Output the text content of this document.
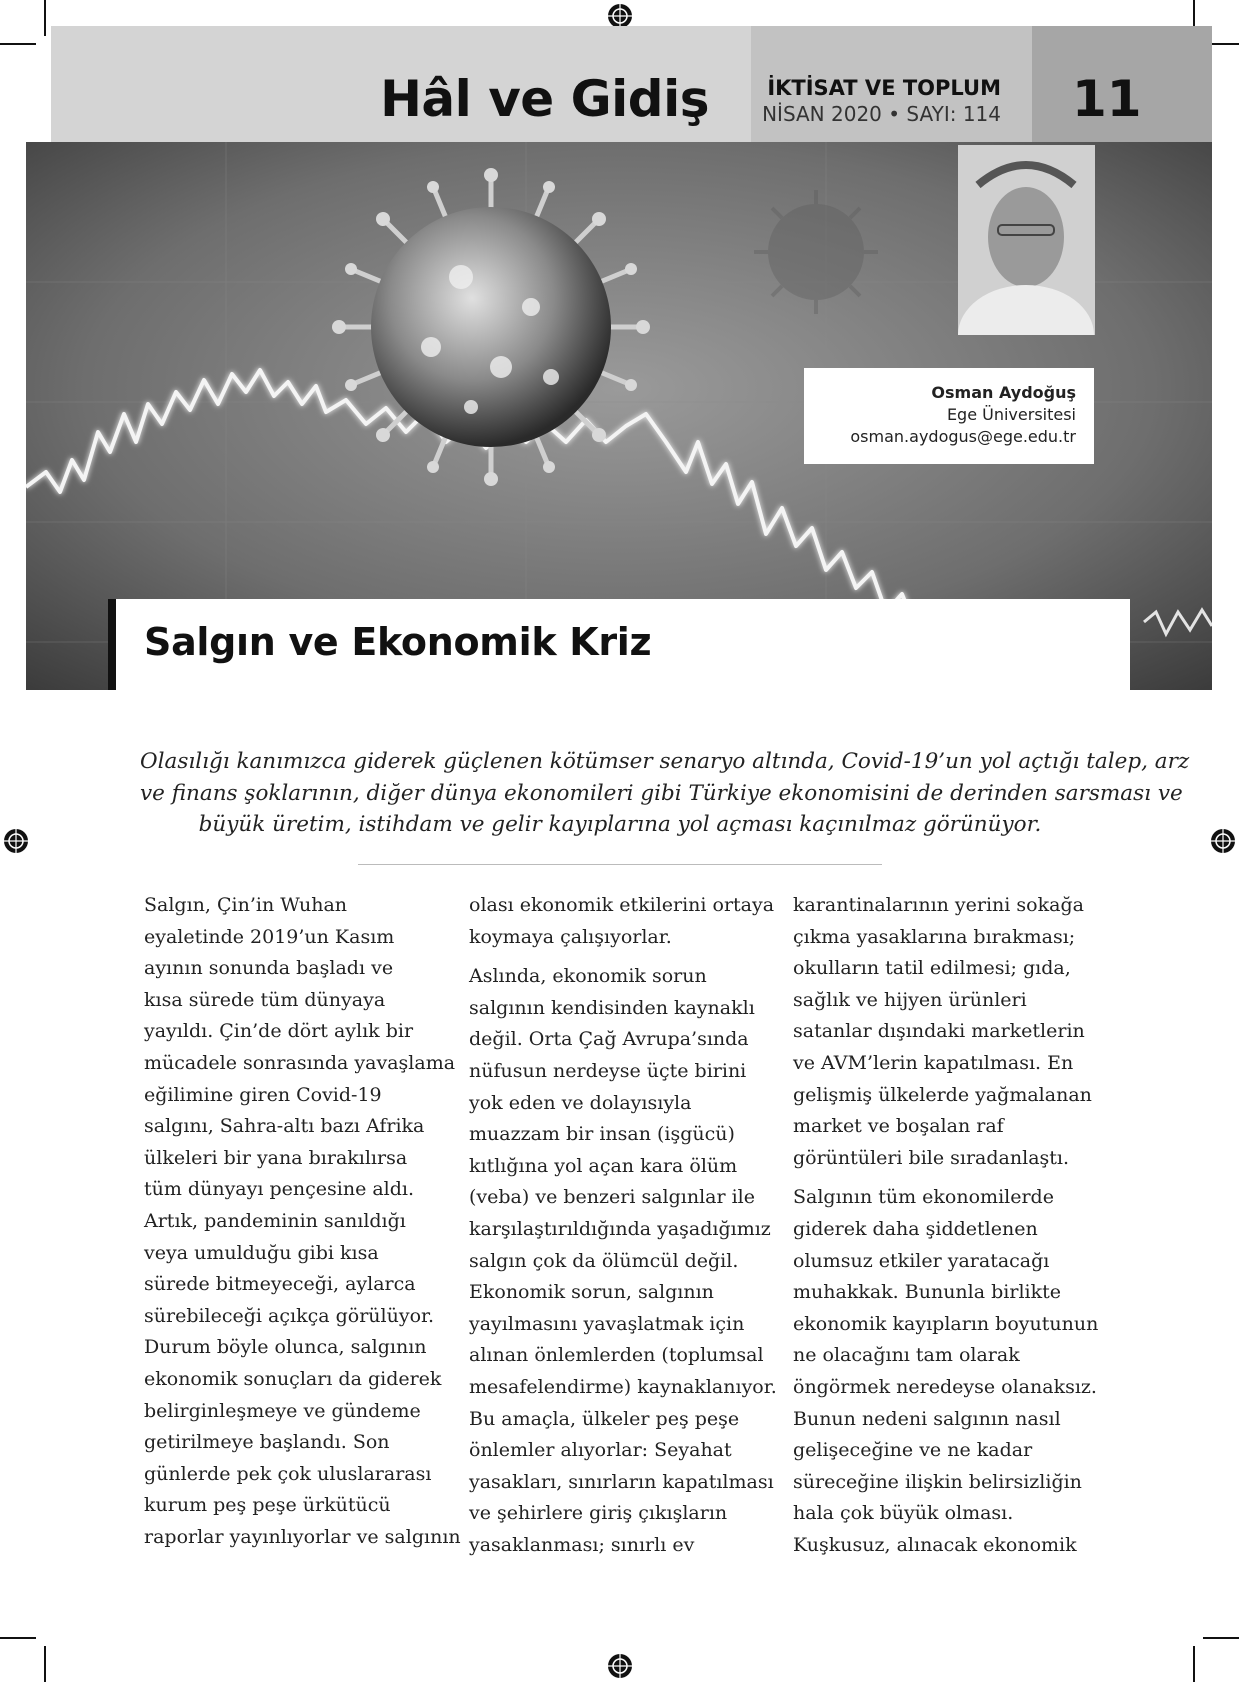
Hâl ve Gidiş	İKTİSAT VE TOPLUM
NİSAN 2020 • SAYI: 114 11
Osman Aydoğuş
Ege Üniversitesi
osman.aydogus@ege.edu.tr
Salgın ve Ekonomik Kriz
Olasılığı kanımızca giderek güçlenen kötümser senaryo altında, Covid-19’un yol açtığı talep, arz
ve finans şoklarının, diğer dünya ekonomileri gibi Türkiye ekonomisini de derinden sarsması ve
büyük üretim, istihdam ve gelir kayıplarına yol açması kaçınılmaz görünüyor.

Salgın, Çin’in Wuhan
eyaletinde 2019’un Kasım
ayının sonunda başladı ve
kısa sürede tüm dünyaya
yayıldı. Çin’de dört aylık bir
mücadele sonrasında yavaşlama
eğilimine giren Covid-19
salgını, Sahra-altı bazı Afrika
ülkeleri bir yana bırakılırsa
tüm dünyayı pençesine aldı.
Artık, pandeminin sanıldığı
veya umulduğu gibi kısa
sürede bitmeyeceği, aylarca
sürebileceği açıkça görülüyor.
Durum böyle olunca, salgının
ekonomik sonuçları da giderek
belirginleşmeye ve gündeme
getirilmeye başlandı. Son
günlerde pek çok uluslararası
kurum peş peşe ürkütücü
raporlar yayınlıyorlar ve salgının

olası ekonomik etkilerini ortaya
koymaya çalışıyorlar.

Aslında, ekonomik sorun
salgının kendisinden kaynaklı
değil. Orta Çağ Avrupa’sında
nüfusun nerdeyse üçte birini
yok eden ve dolayısıyla
muazzam bir insan (işgücü)
kıtlığına yol açan kara ölüm
(veba) ve benzeri salgınlar ile
karşılaştırıldığında yaşadığımız
salgın çok da ölümcül değil.
Ekonomik sorun, salgının
yayılmasını yavaşlatmak için
alınan önlemlerden (toplumsal
mesafelendirme) kaynaklanıyor.
Bu amaçla, ülkeler peş peşe
önlemler alıyorlar: Seyahat
yasakları, sınırların kapatılması
ve şehirlere giriş çıkışların
yasaklanması; sınırlı ev

karantinalarının yerini sokağa
çıkma yasaklarına bırakması;
okulların tatil edilmesi; gıda,
sağlık ve hijyen ürünleri
satanlar dışındaki marketlerin
ve AVM’lerin kapatılması. En
gelişmiş ülkelerde yağmalanan
market ve boşalan raf
görüntüleri bile sıradanlaştı.

Salgının tüm ekonomilerde
giderek daha şiddetlenen
olumsuz etkiler yaratacağı
muhakkak. Bununla birlikte
ekonomik kayıpların boyutunun
ne olacağını tam olarak
öngörmek neredeyse olanaksız.
Bunun nedeni salgının nasıl
gelişeceğine ve ne kadar
süreceğine ilişkin belirsizliğin
hala çok büyük olması.
Kuşkusuz, alınacak ekonomik
